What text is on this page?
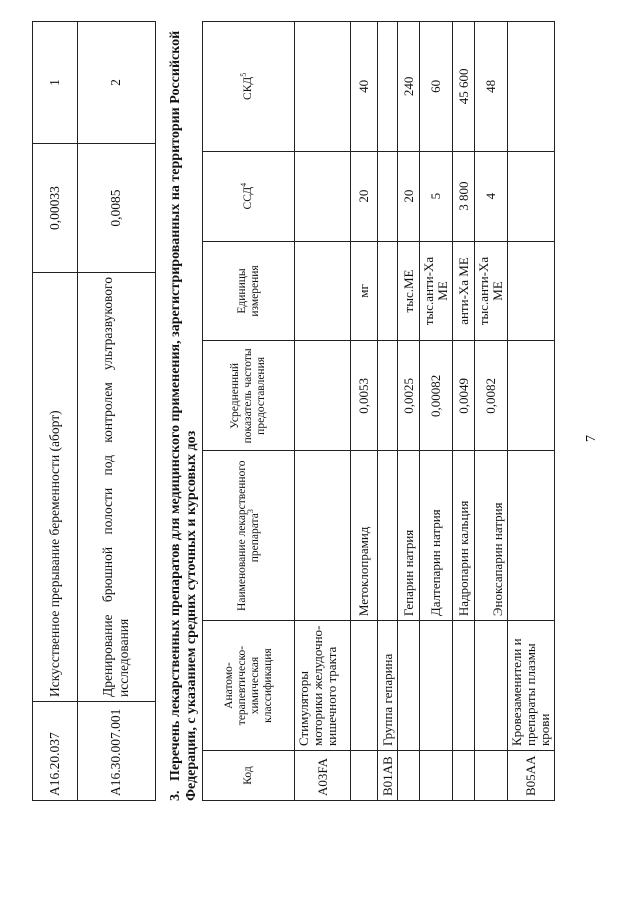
7
A16.20.037	Искусственное прерывание беременности (аборт)	0,00033	1
A16.30.007.001	Дренирование брюшной полости под контролем ультразвукового исследования	0,0085	2
3.Перечень лекарственных препаратов для медицинского применения, зарегистрированных на территории Российской Федерации, с указанием средних суточных и курсовых доз	Код	Анатомо-терапевтическо-химическая классификация	Наименование лекарственного препарата$^3$	Усредненный показатель частоты предоставления	Единицы измерения	ССД$^4$	СКД$^5$
A03FA	Стимуляторы моторики желудочно-кишечного тракта					
		Метоклопрамид	0,0053	мг	20	40
B01AB	Группа гепарина					
		Гепарин натрия	0,0025	тыс.МЕ	20	240
		Далтепарин натрия	0,00082	тыс.анти-Ха МЕ	5	60
		Надропарин кальция	0,0049	анти-Ха МЕ	3 800	45 600
		Эноксапарин натрия	0,0082	тыс.анти-Ха МЕ	4	48
B05AA	Кровезаменители и препараты плазмы крови					
